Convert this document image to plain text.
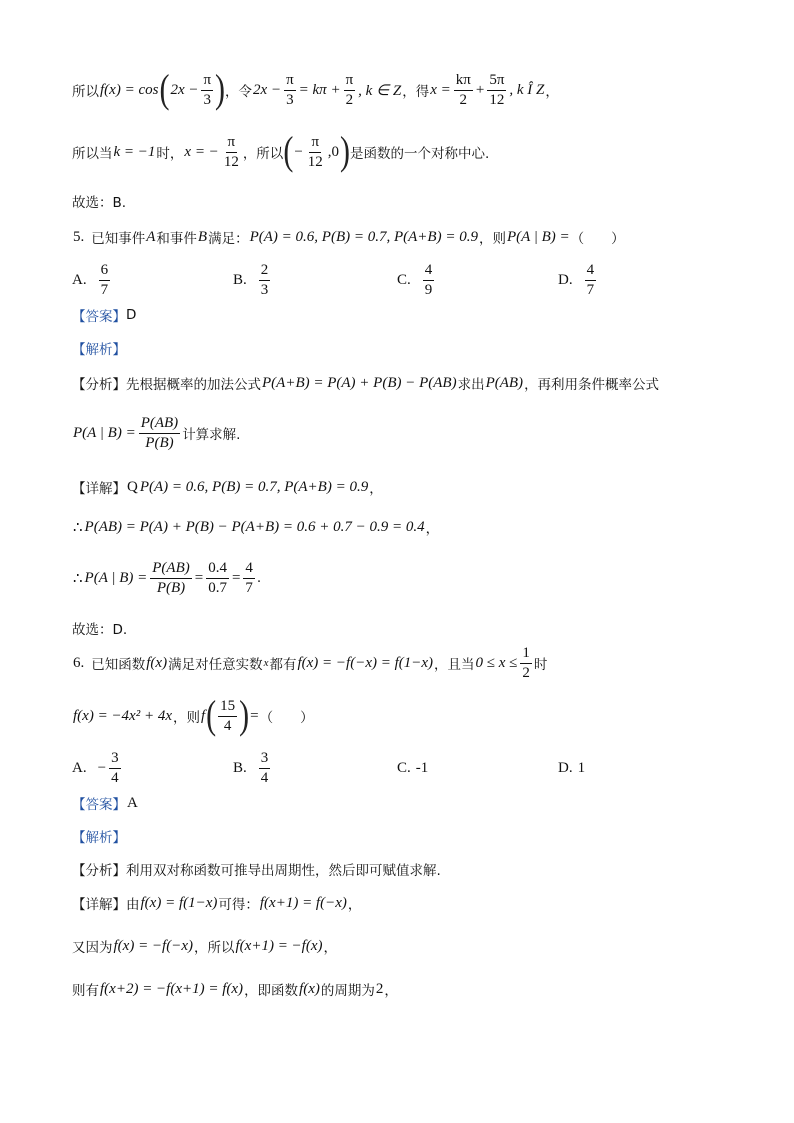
所以 f(x) = cos ( $2x - \frac{\pi}{3}$ ) ，令 $2x - \frac{\pi}{3} = k\pi + \frac{\pi}{2}$ , k ∈ Z ，得 $x = \frac{k\pi}{2} + \frac{5\pi}{12}$ , k Î Z ，
所以当 k = −1 时， x = − $\frac{\pi}{12}$ ，所以 ( − $\frac{\pi}{12} ,0$ ) 是函数的一个对称中心.
故选：B.
5. 已知事件 A 和事件 B 满足： P(A) = 0.6, P(B) = 0.7, P(A+B) = 0.9 ，则 P(A | B) = （　　）
A. $\frac{6}{7}$	B. $\frac{2}{3}$	C. $\frac{4}{9}$	D. $\frac{4}{7}$
【答案】 D
【解析】
【分析】 先根据概率的加法公式 P(A+B) = P(A) + P(B) − P(AB) 求出 P(AB) ，再利用条件概率公式
P(A | $B) = \frac{P(AB)}{P(B)}$ 计算求解.
【详解】 Q P(A) = 0.6, P(B) = 0.7, P(A+B) = 0.9 ，
∴ P(AB) = P(A) + P(B) − P(A+B) = 0.6 + 0.7 − 0.9 = 0.4 ，
∴ P(A | $B) = \frac{P(AB)}{P(B)} = \frac{0.4}{0.7} = \frac{4}{7}$ .
故选：D.
6. 已知函数 f(x) 满足对任意实数 x 都有 f(x) = −f(−x) = f(1−x) ，且当 $0 \le x \le \frac{1}{2}$ 时
f(x) = −4x² + 4x ，则 f ( $\frac{15}{4}$ ) = （　　）
A. − $\frac{3}{4}$	B. $\frac{3}{4}$	C. -1	D. 1
【答案】 A
【解析】
【分析】 利用双对称函数可推导出周期性，然后即可赋值求解.
【详解】 由 f(x) = f(1−x) 可得： f(x+1) = f(−x) ，
又因为 f(x) = −f(−x) ，所以 f(x+1) = −f(x) ，
则有 f(x+2) = −f(x+1) = f(x) ，即函数 f(x) 的周期为 2 ，
